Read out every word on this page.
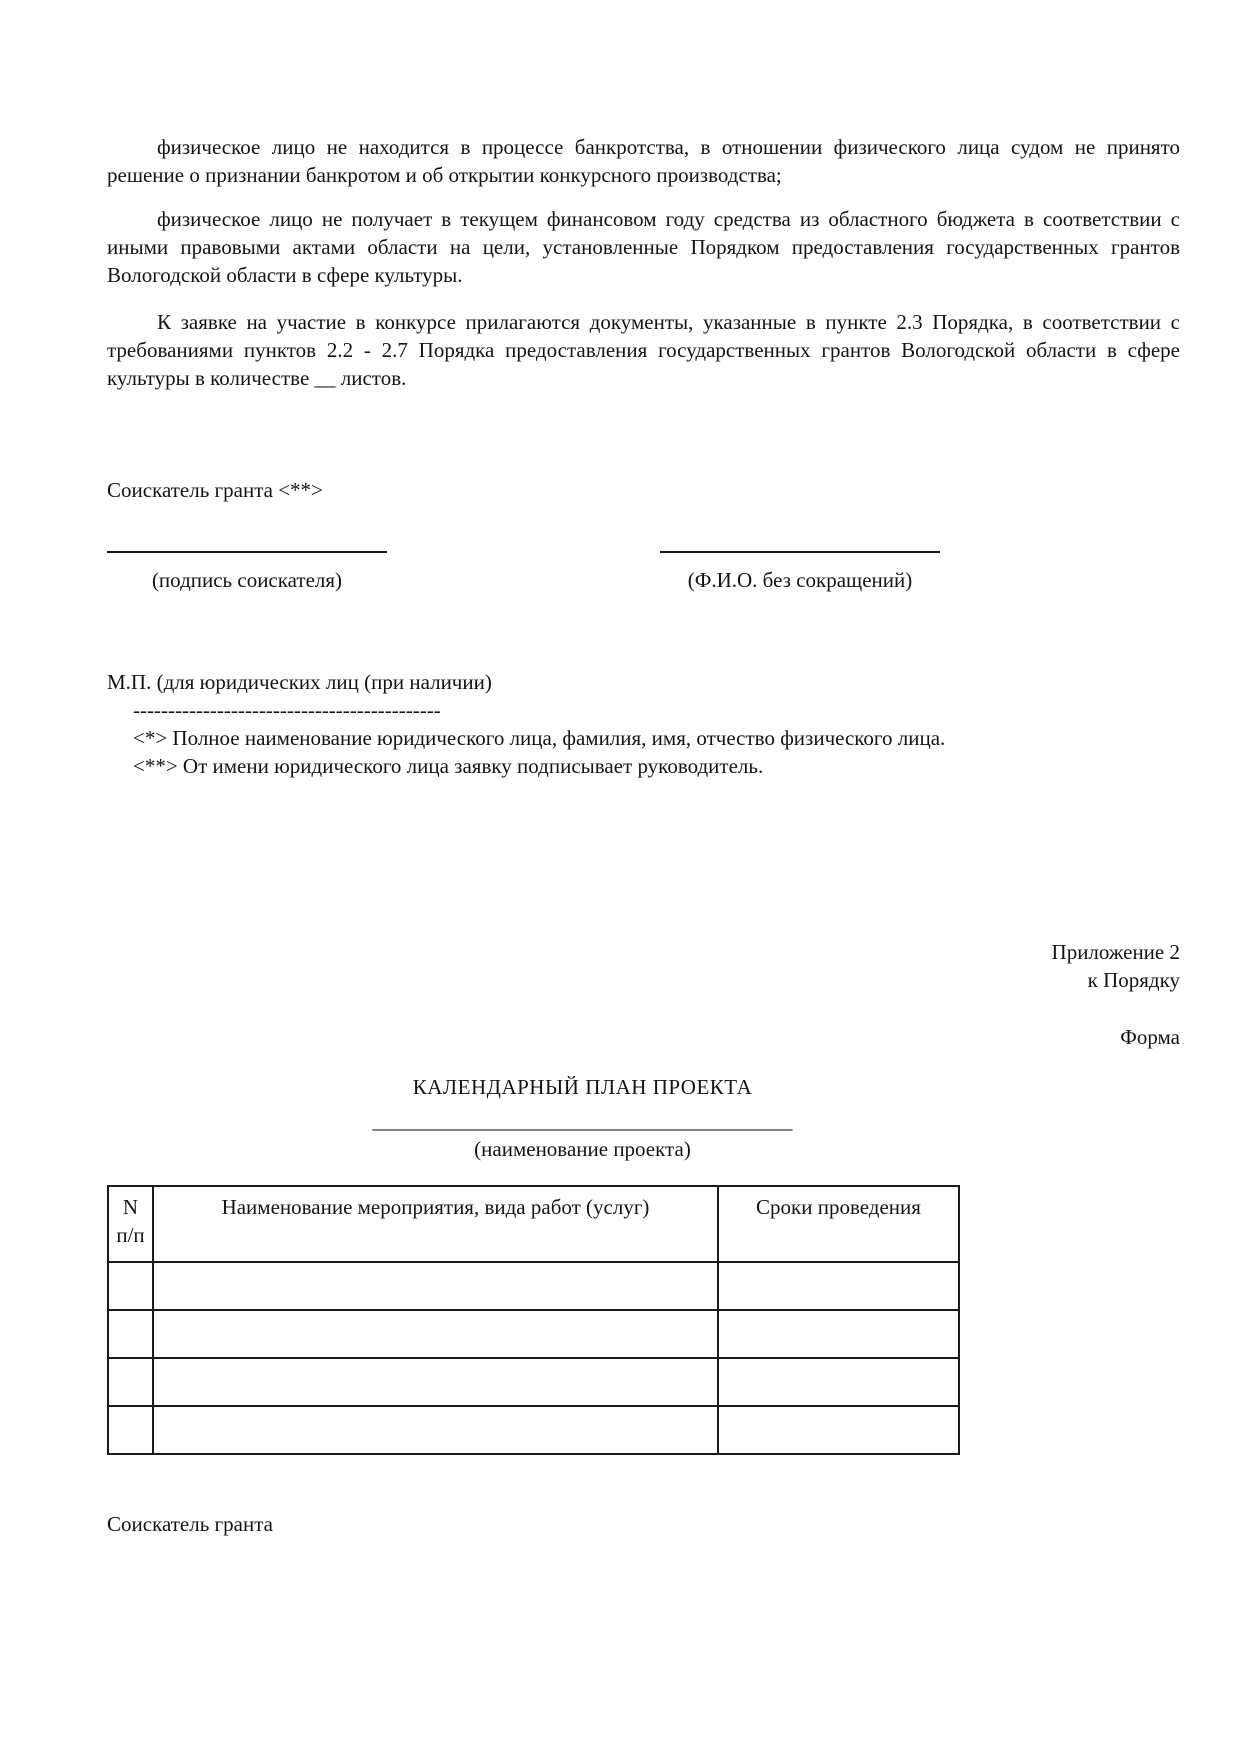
физическое лицо не находится в процессе банкротства, в отношении физического лица судом не принято решение о признании банкротом и об открытии конкурсного производства;

физическое лицо не получает в текущем финансовом году средства из областного бюджета в соответствии с иными правовыми актами области на цели, установленные Порядком предоставления государственных грантов Вологодской области в сфере культуры.

К заявке на участие в конкурсе прилагаются документы, указанные в пункте 2.3 Порядка, в соответствии с требованиями пунктов 2.2 - 2.7 Порядка предоставления государственных грантов Вологодской области в сфере культуры в количестве __ листов.

Соискатель гранта <**>
(подпись соискателя)	(Ф.И.О. без сокращений)
М.П. (для юридических лиц (при наличии)
--------------------------------------------

<*> Полное наименование юридического лица, фамилия, имя, отчество физического лица.

<**> От имени юридического лица заявку подписывает руководитель.

Приложение 2
к Порядку
Форма
КАЛЕНДАРНЫЙ ПЛАН ПРОЕКТА
________________________________________
(наименование проекта)
N п/п	Наименование мероприятия, вида работ (услуг)	Сроки проведения

Соискатель гранта
